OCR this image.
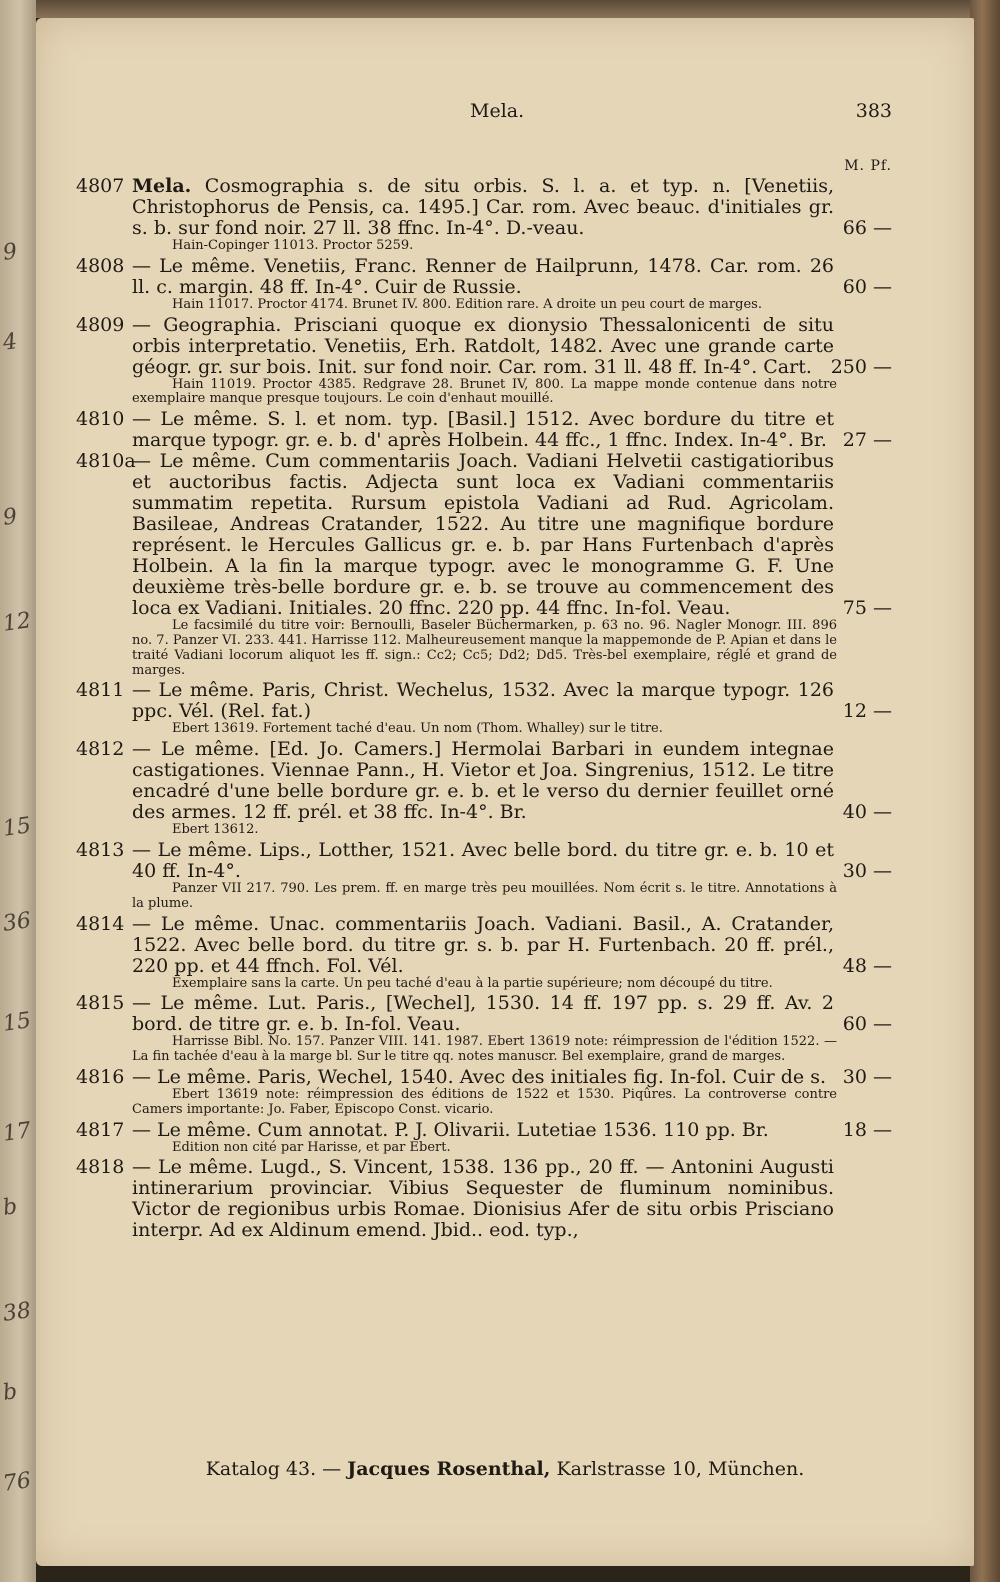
9
4
9
12
15
36
15
17
b
38
b
76
Mela.	383
M. Pf.
4807 Mela. Cosmographia s. de situ orbis. S. l. a. et typ. n. [Venetiis, Christophorus de Pensis, ca. 1495.] Car. rom. Avec beauc. d'initiales gr. s. b. sur fond noir. 27 ll. 38 ffnc. In-4°. D.-veau.	66 —
Hain-Copinger 11013. Proctor 5259.
4808 — Le même. Venetiis, Franc. Renner de Hailprunn, 1478. Car. rom. 26 ll. c. margin. 48 ff. In-4°. Cuir de Russie.	60 —
Hain 11017. Proctor 4174. Brunet IV. 800. Edition rare. A droite un peu court de marges.
4809 — Geographia. Prisciani quoque ex dionysio Thessalonicenti de situ orbis interpretatio. Venetiis, Erh. Ratdolt, 1482. Avec une grande carte géogr. gr. sur bois. Init. sur fond noir. Car. rom. 31 ll. 48 ff. In-4°. Cart. 250 —
Hain 11019. Proctor 4385. Redgrave 28. Brunet IV, 800. La mappe monde contenue dans notre exemplaire manque presque toujours. Le coin d'enhaut mouillé.
4810 — Le même. S. l. et nom. typ. [Basil.] 1512. Avec bordure du titre et marque typogr. gr. e. b. d' après Holbein. 44 ffc., 1 ffnc. Index. In-4°. Br. 27 —
4810a
— Le même. Cum commentariis Joach. Vadiani Helvetii castigatioribus et auctoribus factis. Adjecta sunt loca ex Vadiani commentariis summatim repetita. Rursum epistola Vadiani ad Rud. Agricolam. Basileae, Andreas Cratander, 1522. Au titre une magnifique bordure représent. le Hercules Gallicus gr. e. b. par Hans Furtenbach d'après Holbein. A la fin la marque typogr. avec le monogramme G. F. Une deuxième très-belle bordure gr. e. b. se trouve au commencement des loca ex Vadiani. Initiales. 20 ffnc. 220 pp. 44 ffnc. In-fol. Veau.	75 —
Le facsimilé du titre voir: Bernoulli, Baseler Büchermarken, p. 63 no. 96. Nagler Monogr. III. 896 no. 7. Panzer VI. 233. 441. Harrisse 112. Malheureusement manque la mappemonde de P. Apian et dans le traité Vadiani locorum aliquot les ff. sign.: Cc2; Cc5; Dd2; Dd5. Très-bel exemplaire, réglé et grand de marges.
4811 — Le même. Paris, Christ. Wechelus, 1532. Avec la marque typogr. 126 ppc. Vél. (Rel. fat.)	12 —
Ebert 13619. Fortement taché d'eau. Un nom (Thom. Whalley) sur le titre.
4812 — Le même. [Ed. Jo. Camers.] Hermolai Barbari in eundem integnae castigationes. Viennae Pann., H. Vietor et Joa. Singrenius, 1512. Le titre encadré d'une belle bordure gr. e. b. et le verso du dernier feuillet orné des armes. 12 ff. prél. et 38 ffc. In-4°. Br.	40 —
Ebert 13612.
4813 — Le même. Lips., Lotther, 1521. Avec belle bord. du titre gr. e. b. 10 et 40 ff. In-4°.	30 —
Panzer VII 217. 790. Les prem. ff. en marge très peu mouillées. Nom écrit s. le titre. Annotations à la plume.
4814 — Le même. Unac. commentariis Joach. Vadiani. Basil., A. Cratander, 1522. Avec belle bord. du titre gr. s. b. par H. Furtenbach. 20 ff. prél., 220 pp. et 44 ffnch. Fol. Vél.	48 —
Exemplaire sans la carte. Un peu taché d'eau à la partie supérieure; nom découpé du titre.
4815 — Le même. Lut. Paris., [Wechel], 1530. 14 ff. 197 pp. s. 29 ff. Av. 2 bord. de titre gr. e. b. In-fol. Veau.	60 —
Harrisse Bibl. No. 157. Panzer VIII. 141. 1987. Ebert 13619 note: réimpression de l'édition 1522. — La fin tachée d'eau à la marge bl. Sur le titre qq. notes manuscr. Bel exemplaire, grand de marges.
4816 — Le même. Paris, Wechel, 1540. Avec des initiales fig. In-fol. Cuir de s. 30 —
Ebert 13619 note: réimpression des éditions de 1522 et 1530. Piqûres. La controverse contre Camers importante: Jo. Faber, Episcopo Const. vicario.
4817 — Le même. Cum annotat. P. J. Olivarii. Lutetiae 1536. 110 pp. Br.	18 —
Edition non cité par Harisse, et par Ebert.
4818 — Le même. Lugd., S. Vincent, 1538. 136 pp., 20 ff. — Antonini Augusti intinerarium provinciar. Vibius Sequester de fluminum nominibus. Victor de regionibus urbis Romae. Dionisius Afer de situ orbis Prisciano interpr. Ad ex Aldinum emend. Jbid.. eod. typ.,
Katalog 43. — Jacques Rosenthal, Karlstrasse 10, München.
